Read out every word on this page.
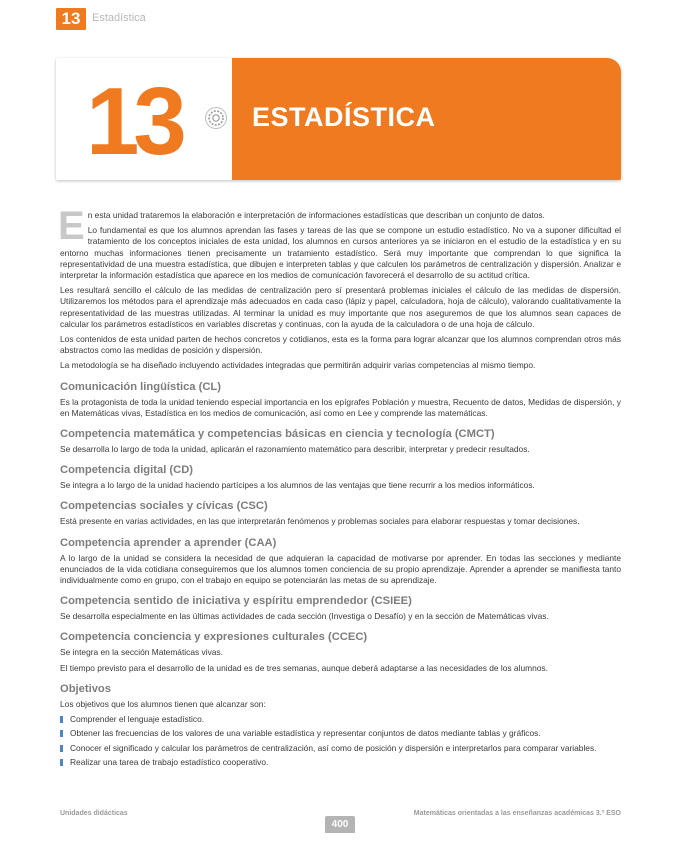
13	Estadística
13	ESTADÍSTICA
E n esta unidad trataremos la elaboración e interpretación de informaciones estadísticas que describan un conjunto de datos.

Lo fundamental es que los alumnos aprendan las fases y tareas de las que se compone un estudio estadístico. No va a suponer dificultad el tratamiento de los conceptos iniciales de esta unidad, los alumnos en cursos anteriores ya se iniciaron en el estudio de la estadística y en su entorno muchas informaciones tienen precisamente un tratamiento estadístico. Será muy importante que comprendan lo que significa la representatividad de una muestra estadística, que dibujen e interpreten tablas y que calculen los parámetros de centralización y dispersión. Analizar e interpretar la información estadística que aparece en los medios de comunicación favorecerá el desarrollo de su actitud crítica.

Les resultará sencillo el cálculo de las medidas de centralización pero sí presentará problemas iniciales el cálculo de las medidas de dispersión. Utilizaremos los métodos para el aprendizaje más adecuados en cada caso (lápiz y papel, calculadora, hoja de cálculo), valorando cualitativamente la representatividad de las muestras utilizadas. Al terminar la unidad es muy importante que nos aseguremos de que los alumnos sean capaces de calcular los parámetros estadísticos en variables discretas y continuas, con la ayuda de la calculadora o de una hoja de cálculo.

Los contenidos de esta unidad parten de hechos concretos y cotidianos, esta es la forma para lograr alcanzar que los alumnos comprendan otros más abstractos como las medidas de posición y dispersión.

La metodología se ha diseñado incluyendo actividades integradas que permitirán adquirir varias competencias al mismo tiempo.

Comunicación lingüística (CL)

Es la protagonista de toda la unidad teniendo especial importancia en los epígrafes Población y muestra, Recuento de datos, Medidas de dispersión, y en Matemáticas vivas, Estadística en los medios de comunicación, así como en Lee y comprende las matemáticas.

Competencia matemática y competencias básicas en ciencia y tecnología (CMCT)

Se desarrolla lo largo de toda la unidad, aplicarán el razonamiento matemático para describir, interpretar y predecir resultados.

Competencia digital (CD)

Se integra a lo largo de la unidad haciendo partícipes a los alumnos de las ventajas que tiene recurrir a los medios informáticos.

Competencias sociales y cívicas (CSC)

Está presente en varias actividades, en las que interpretarán fenómenos y problemas sociales para elaborar respuestas y tomar decisiones.

Competencia aprender a aprender (CAA)

A lo largo de la unidad se considera la necesidad de que adquieran la capacidad de motivarse por aprender. En todas las secciones y mediante enunciados de la vida cotidiana conseguiremos que los alumnos tomen conciencia de su propio aprendizaje. Aprender a aprender se manifiesta tanto individualmente como en grupo, con el trabajo en equipo se potenciarán las metas de su aprendizaje.

Competencia sentido de iniciativa y espíritu emprendedor (CSIEE)

Se desarrolla especialmente en las últimas actividades de cada sección (Investiga o Desafío) y en la sección de Matemáticas vivas.

Competencia conciencia y expresiones culturales (CCEC)

Se integra en la sección Matemáticas vivas.

El tiempo previsto para el desarrollo de la unidad es de tres semanas, aunque deberá adaptarse a las necesidades de los alumnos.

Objetivos

Los objetivos que los alumnos tienen que alcanzar son:

Comprender el lenguaje estadístico.
Obtener las frecuencias de los valores de una variable estadística y representar conjuntos de datos mediante tablas y gráficos.
Conocer el significado y calcular los parámetros de centralización, así como de posición y dispersión e interpretarlos para comparar variables.
Realizar una tarea de trabajo estadístico cooperativo.
Unidades didácticas
400
Matemáticas orientadas a las enseñanzas académicas 3.º ESO
